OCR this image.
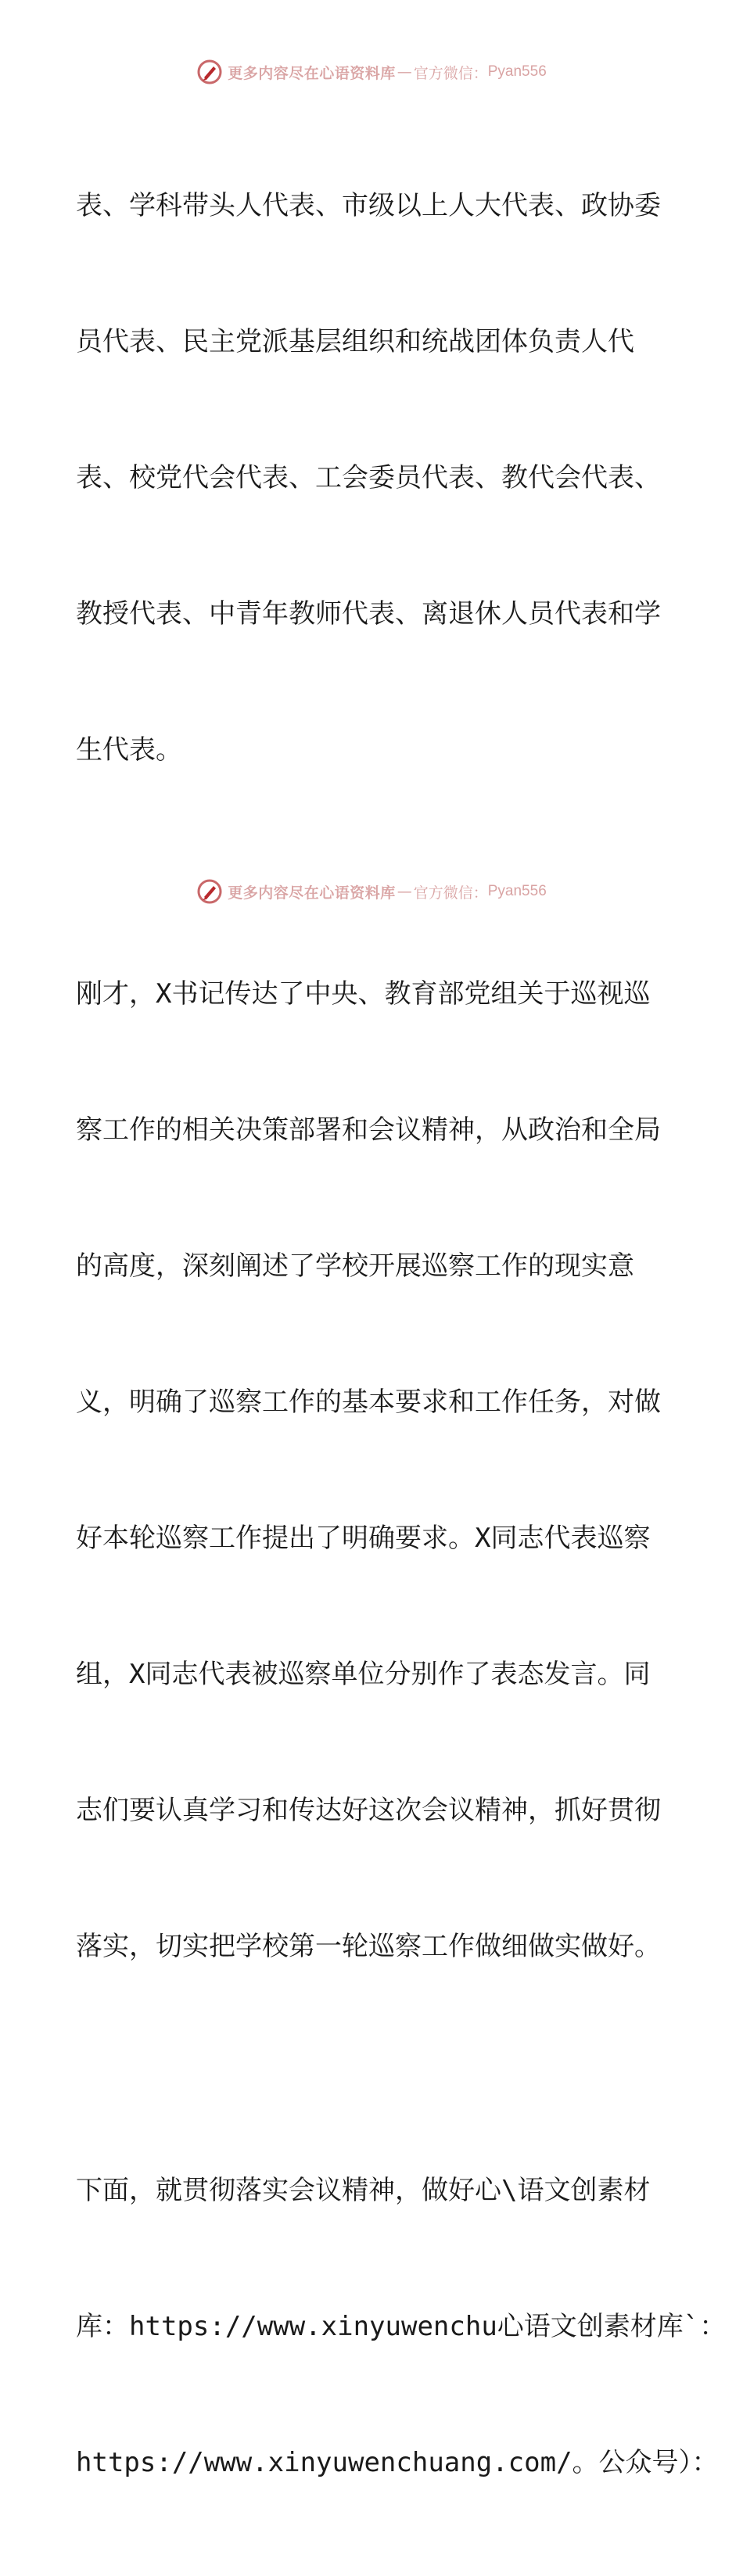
更多内容尽在心语资料库 — 官方微信： Pyan556

表、学科带头人代表、市级以上人大代表、政协委

员代表、民主党派基层组织和统战团体负责人代

表、校党代会代表、工会委员代表、教代会代表、

教授代表、中青年教师代表、离退休人员代表和学

生代表。

刚才，X书记传达了中央、教育部党组关于巡视巡

察工作的相关决策部署和会议精神，从政治和全局

的高度，深刻阐述了学校开展巡察工作的现实意

义，明确了巡察工作的基本要求和工作任务，对做

好本轮巡察工作提出了明确要求。X同志代表巡察

组，X同志代表被巡察单位分别作了表态发言。同

志们要认真学习和传达好这次会议精神，抓好贯彻

落实，切实把学校第一轮巡察工作做细做实做好。

下面，就贯彻落实会议精神，做好心\语文创素材

库：https://www.xinyuwenchu心语文创素材库`：

https://www.xinyuwenchuang.com/。公众号）：

更多内容尽在心语资料库 — 官方微信： Pyan556
